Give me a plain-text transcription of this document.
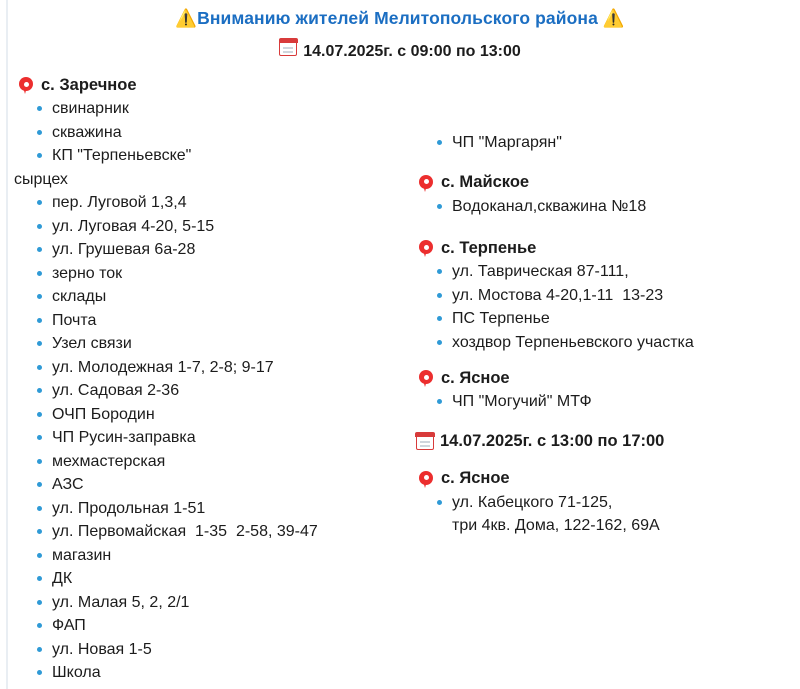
⚠️Вниманию жителей Мелитопольского района ⚠️
14.07.2025г. с 09:00 по 13:00
с. Заречное
свинарник
скважина
КП "Терпеньевске"
сырцех
пер. Луговой 1,3,4
ул. Луговая 4-20, 5-15
ул. Грушевая 6а-28
зерно ток
склады
Почта
Узел связи
ул. Молодежная 1-7, 2-8; 9-17
ул. Садовая 2-36
ОЧП Бородин
ЧП Русин-заправка
мехмастерская
АЗС
ул. Продольная 1-51
ул. Первомайская  1-35  2-58, 39-47
магазин
ДК
ул. Малая 5, 2, 2/1
ФАП
ул. Новая 1-5
Школа
ЧП "Маргарян"
с. Майское
Водоканал,скважина №18
с. Терпенье
ул. Таврическая 87-111,
ул. Мостова 4-20,1-11  13-23
ПС Терпенье
хоздвор Терпеньевского участка
с. Ясное
ЧП "Могучий" МТФ
14.07.2025г. с 13:00 по 17:00
с. Ясное
ул. Кабецкого 71-125,
три 4кв. Дома, 122-162, 69А
